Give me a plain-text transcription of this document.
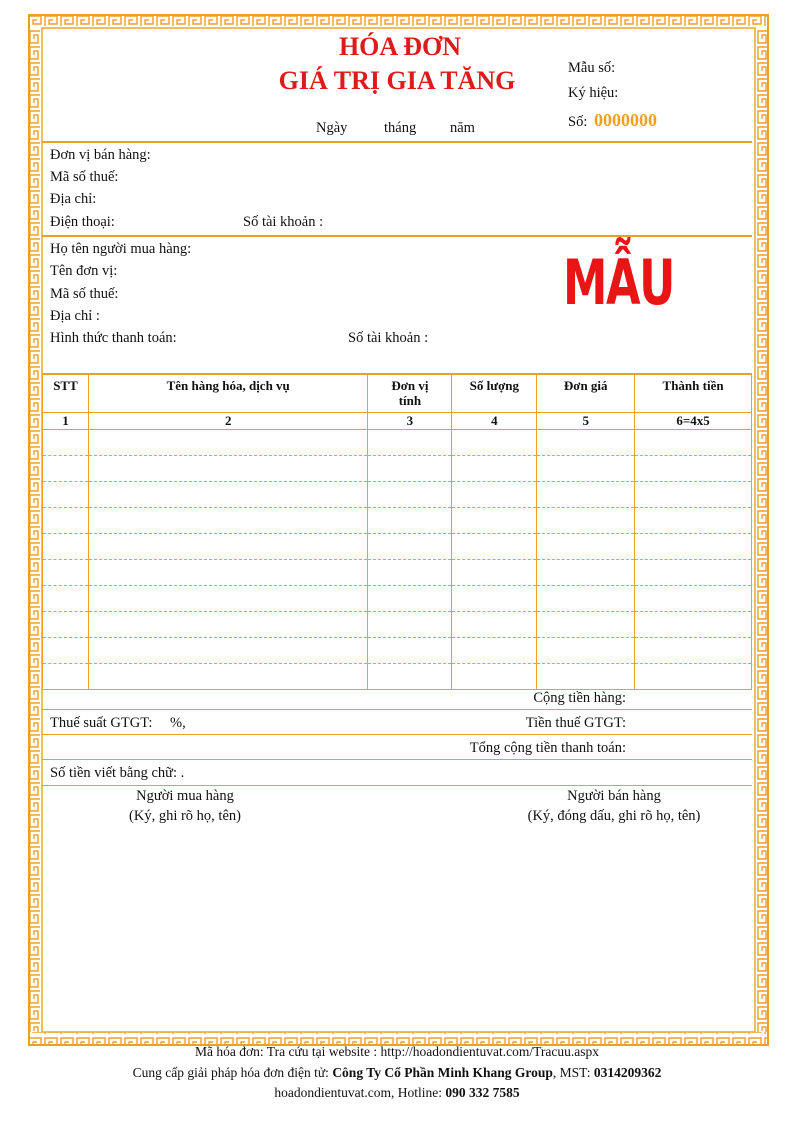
HÓA ĐƠN
GIÁ TRỊ GIA TĂNG
Ngày	tháng năm
Mẫu số:
Ký hiệu:
Số: 0000000
Đơn vị bán hàng:
Mã số thuế:
Địa chỉ:
Điện thoại:	Số tài khoản :
Họ tên người mua hàng:
Tên đơn vị:
Mã số thuế:
Địa chỉ :
Hình thức thanh toán:	Số tài khoản :
MẪU
STT	Tên hàng hóa, dịch vụ	Đơn vị tính	Số lượng	Đơn giá	Thành tiền
1	2	3	4	5	6=4x5

Cộng tiền hàng:
Thuế suất GTGT: %,	Tiền thuế GTGT:
Tổng cộng tiền thanh toán:
Số tiền viết bằng chữ: .
Người mua hàng
(Ký, ghi rõ họ, tên)
Người bán hàng
(Ký, đóng dấu, ghi rõ họ, tên)
Mã hóa đơn: Tra cứu tại website : http://hoadondientuvat.com/Tracuu.aspx
Cung cấp giải pháp hóa đơn điện tử: Công Ty Cổ Phần Minh Khang Group, MST: 0314209362
hoadondientuvat.com, Hotline: 090 332 7585
